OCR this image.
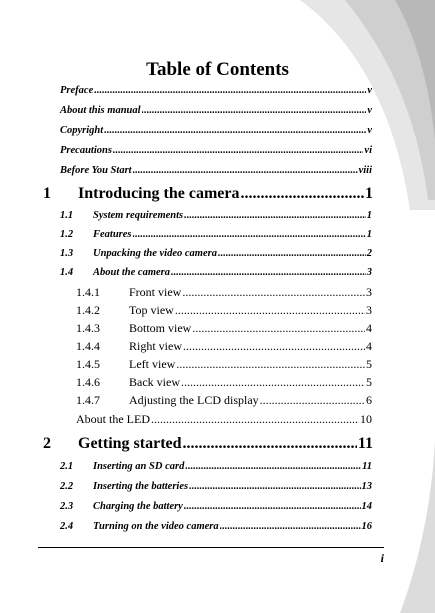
Table of Contents
Preface .....	v
About this manual .....	v
Copyright .....	v
Precautions .....	vi
Before You Start .....	viii
1	Introducing the camera .....	1
1.1	System requirements .....	1
1.2	Features .....	1
1.3	Unpacking the video camera .....	2
1.4	About the camera .....	3
1.4.1	Front view .....	3
1.4.2	Top view .....	3
1.4.3	Bottom view .....	4
1.4.4	Right view .....	4
1.4.5	Left view .....	5
1.4.6	Back view .....	5
1.4.7	Adjusting the LCD display .....	6
About the LED .....	10
2	Getting started .....	11
2.1	Inserting an SD card .....	11
2.2	Inserting the batteries .....	13
2.3	Charging the battery .....	14
2.4	Turning on the video camera .....	16
i
